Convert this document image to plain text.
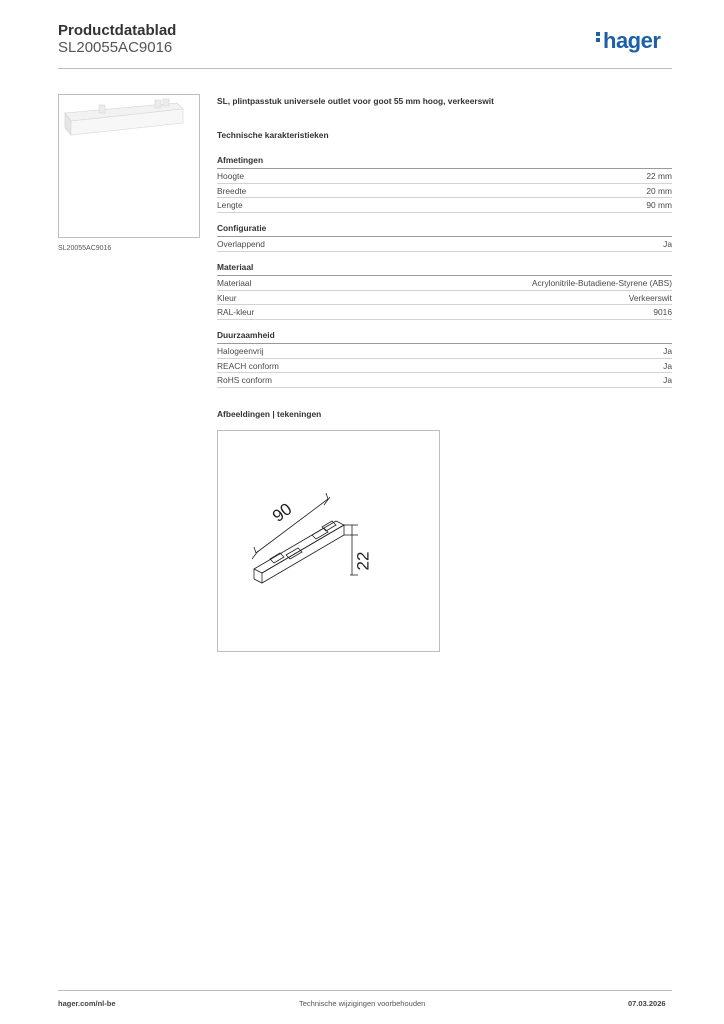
Productdatablad
SL20055AC9016	hager
SL20055AC9016
SL, plintpasstuk universele outlet voor goot 55 mm hoog, verkeerswit
Technische karakteristieken
Afmetingen
Hoogte	22 mm
Breedte	20 mm
Lengte	90 mm
Configuratie
Overlappend	Ja
Materiaal
Materiaal	Acrylonitrile-Butadiene-Styrene (ABS)
Kleur	Verkeerswit
RAL-kleur	9016
Duurzaamheid
Halogeenvrij	Ja
REACH conform	Ja
RoHS conform	Ja
Afbeeldingen | tekeningen
90
22
hager.com/nl-be	Technische wijzigingen voorbehouden	07.03.2026
